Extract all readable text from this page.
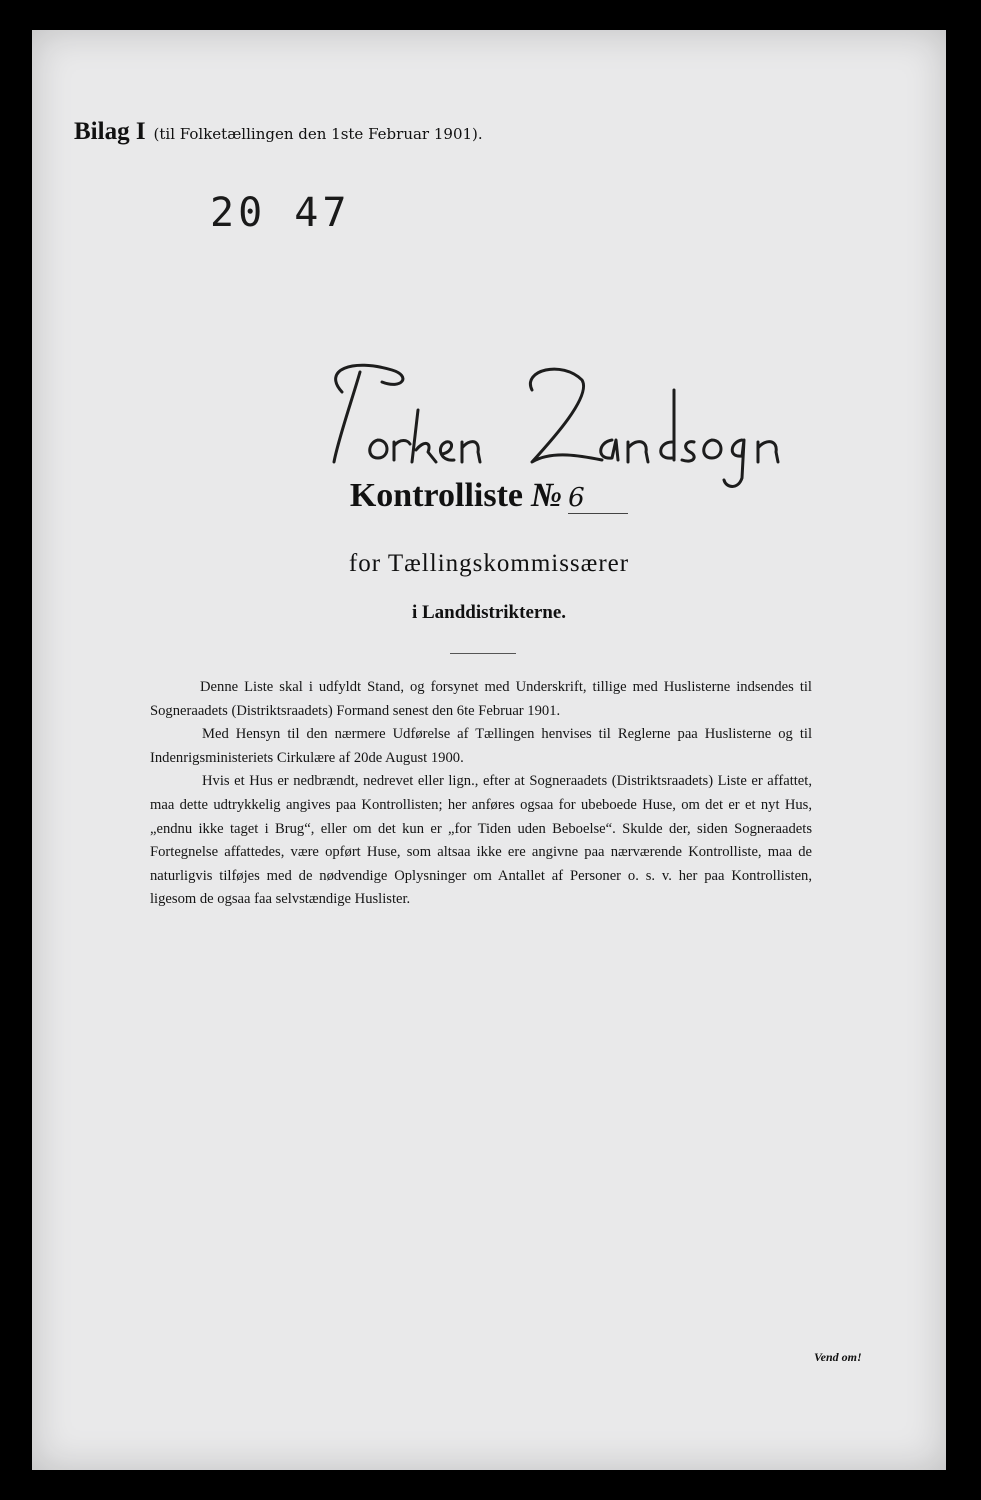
Bilag I (til Folketællingen den 1ste Februar 1901).
20 47
Kontrolliste № 6
for Tællingskommissærer
i Landdistrikterne.

Denne Liste skal i udfyldt Stand, og forsynet med Underskrift, tillige med Huslisterne indsendes til Sogneraadets (Distriktsraadets) Formand senest den 6te Februar 1901.

Med Hensyn til den nærmere Udførelse af Tællingen henvises til Reglerne paa Huslisterne og til Indenrigsministeriets Cirkulære af 20de August 1900.

Hvis et Hus er nedbrændt, nedrevet eller lign., efter at Sogneraadets (Distriktsraadets) Liste er affattet, maa dette udtrykkelig angives paa Kontrollisten; her anføres ogsaa for ubeboede Huse, om det er et nyt Hus, „endnu ikke taget i Brug“, eller om det kun er „for Tiden uden Beboelse“. Skulde der, siden Sogneraadets Fortegnelse affattedes, være opført Huse, som altsaa ikke ere angivne paa nærværende Kontrolliste, maa de naturligvis tilføjes med de nødvendige Oplysninger om Antallet af Personer o. s. v. her paa Kontrollisten, ligesom de ogsaa faa selvstændige Huslister.

Vend om!
